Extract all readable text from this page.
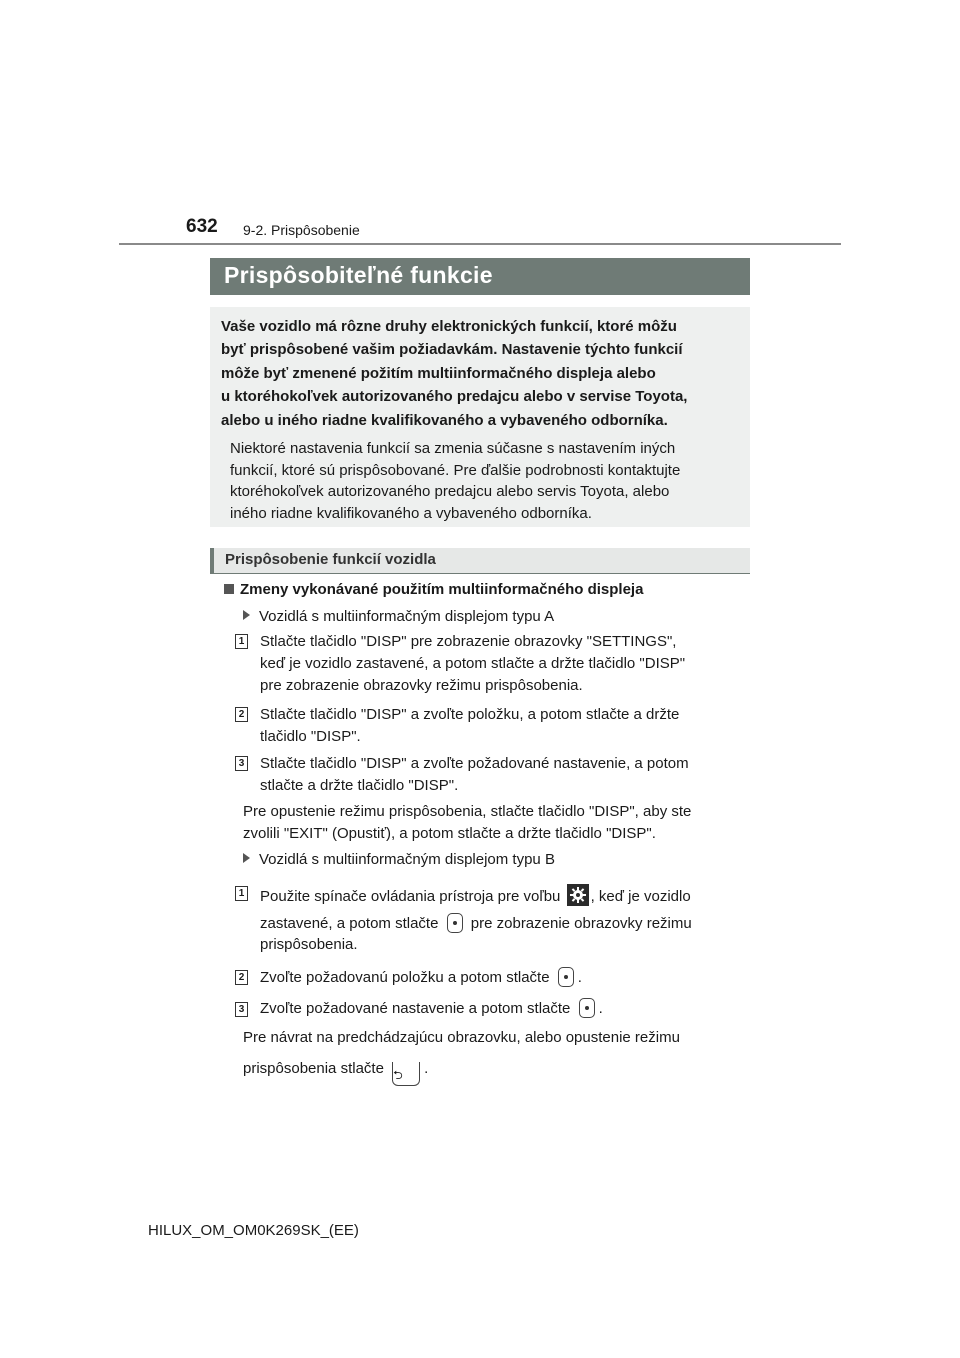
632 9-2. Prispôsobenie
Prispôsobiteľné funkcie
Vaše vozidlo má rôzne druhy elektronických funkcií, ktoré môžu
byť prispôsobené vašim požiadavkám. Nastavenie týchto funkcií
môže byť zmenené požitím multiinformačného displeja alebo
u ktoréhokoľvek autorizovaného predajcu alebo v servise Toyota,
alebo u iného riadne kvalifikovaného a vybaveného odborníka.
Niektoré nastavenia funkcií sa zmenia súčasne s nastavením iných
funkcií, ktoré sú prispôsobované. Pre ďalšie podrobnosti kontaktujte
ktoréhokoľvek autorizovaného predajcu alebo servis Toyota, alebo
iného riadne kvalifikovaného a vybaveného odborníka.
Prispôsobenie funkcií vozidla
Zmeny vykonávané použitím multiinformačného displeja
Vozidlá s multiinformačným displejom typu A
1 Stlačte tlačidlo "DISP" pre zobrazenie obrazovky "SETTINGS",
keď je vozidlo zastavené, a potom stlačte a držte tlačidlo "DISP"
pre zobrazenie obrazovky režimu prispôsobenia.
2 Stlačte tlačidlo "DISP" a zvoľte položku, a potom stlačte a držte
tlačidlo "DISP".
3 Stlačte tlačidlo "DISP" a zvoľte požadované nastavenie, a potom
stlačte a držte tlačidlo "DISP".
Pre opustenie režimu prispôsobenia, stlačte tlačidlo "DISP", aby ste
zvolili "EXIT" (Opustiť), a potom stlačte a držte tlačidlo "DISP".
Vozidlá s multiinformačným displejom typu B
1 Použite spínače ovládania prístroja pre voľbu , keď je vozidlo
zastavené, a potom stlačte pre zobrazenie obrazovky režimu
prispôsobenia.
2 Zvoľte požadovanú položku a potom stlačte .
3 Zvoľte požadované nastavenie a potom stlačte .
Pre návrat na predchádzajúcu obrazovku, alebo opustenie režimu
prispôsobenia stlačte ⮌ .
HILUX_OM_OM0K269SK_(EE)
